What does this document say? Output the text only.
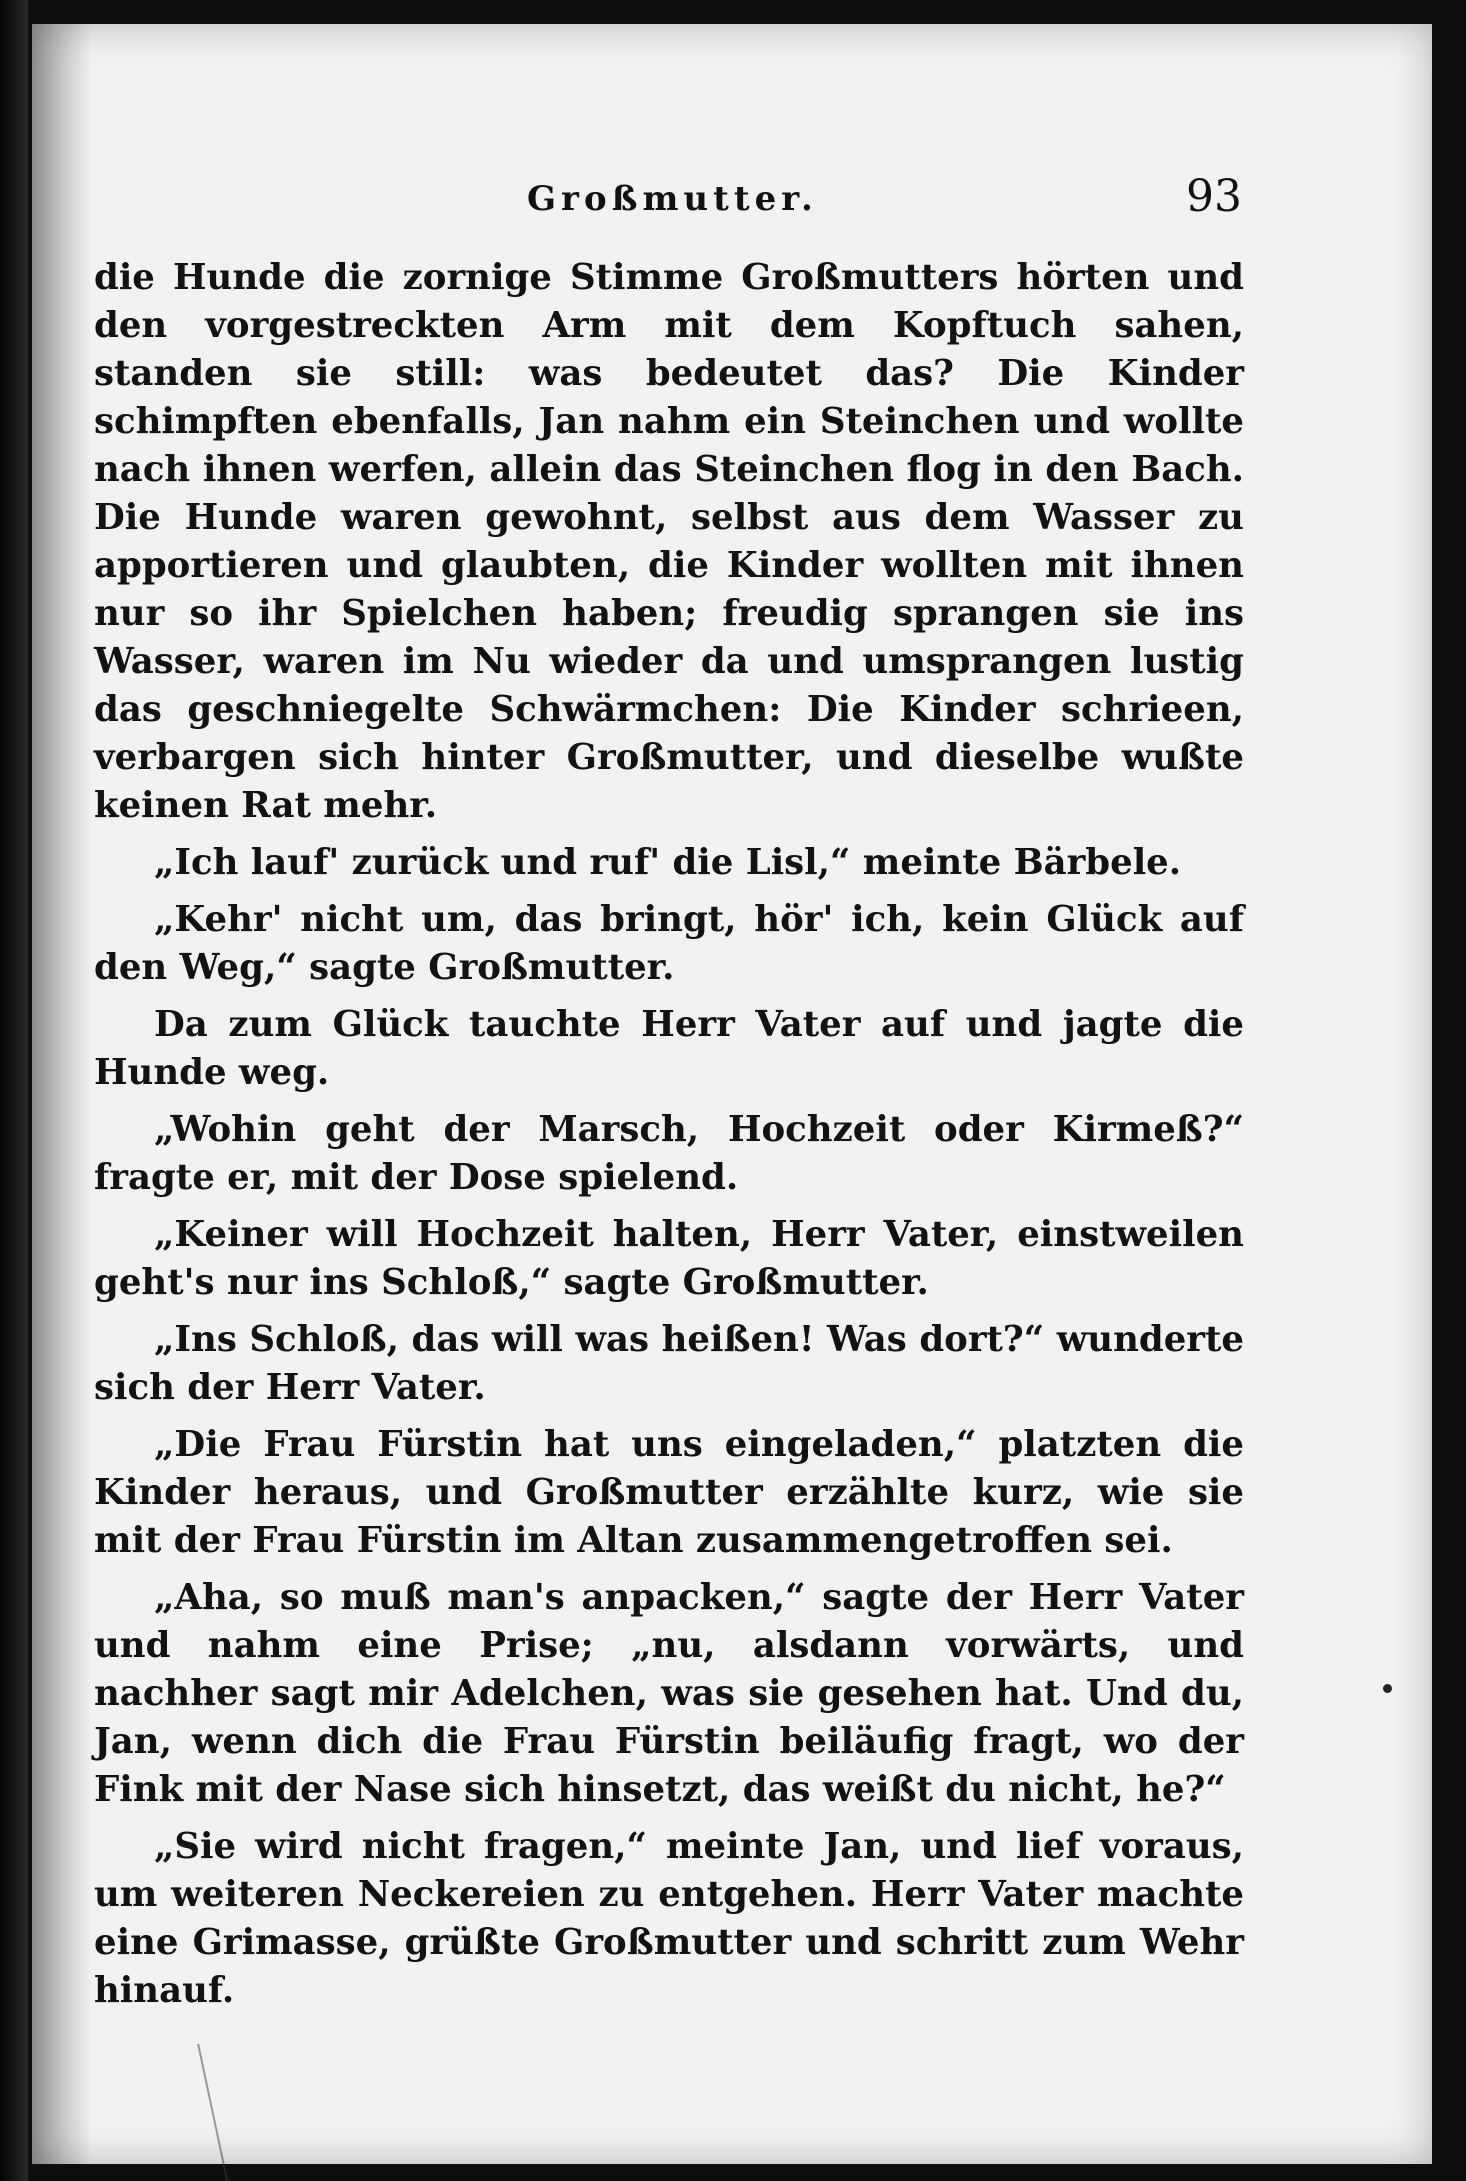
Großmutter.	93

die Hunde die zornige Stimme Großmutters hörten und den vorgestreckten Arm mit dem Kopftuch sahen, standen sie still: was bedeutet das? Die Kinder schimpften ebenfalls, Jan nahm ein Steinchen und wollte nach ihnen werfen, allein das Steinchen flog in den Bach. Die Hunde waren gewohnt, selbst aus dem Wasser zu apportieren und glaubten, die Kinder wollten mit ihnen nur so ihr Spielchen haben; freudig sprangen sie ins Wasser, waren im Nu wieder da und umsprangen lustig das geschniegelte Schwärmchen: Die Kinder schrieen, verbargen sich hinter Großmutter, und dieselbe wußte keinen Rat mehr.

„Ich lauf' zurück und ruf' die Lisl,“ meinte Bärbele.

„Kehr' nicht um, das bringt, hör' ich, kein Glück auf den Weg,“ sagte Großmutter.

Da zum Glück tauchte Herr Vater auf und jagte die Hunde weg.

„Wohin geht der Marsch, Hochzeit oder Kirmeß?“ fragte er, mit der Dose spielend.

„Keiner will Hochzeit halten, Herr Vater, einstweilen geht's nur ins Schloß,“ sagte Großmutter.

„Ins Schloß, das will was heißen! Was dort?“ wunderte sich der Herr Vater.

„Die Frau Fürstin hat uns eingeladen,“ platzten die Kinder heraus, und Großmutter erzählte kurz, wie sie mit der Frau Fürstin im Altan zusammengetroffen sei.

„Aha, so muß man's anpacken,“ sagte der Herr Vater und nahm eine Prise; „nu, alsdann vorwärts, und nachher sagt mir Adelchen, was sie gesehen hat. Und du, Jan, wenn dich die Frau Fürstin beiläufig fragt, wo der Fink mit der Nase sich hinsetzt, das weißt du nicht, he?“

„Sie wird nicht fragen,“ meinte Jan, und lief voraus, um weiteren Neckereien zu entgehen. Herr Vater machte eine Grimasse, grüßte Großmutter und schritt zum Wehr hinauf.
